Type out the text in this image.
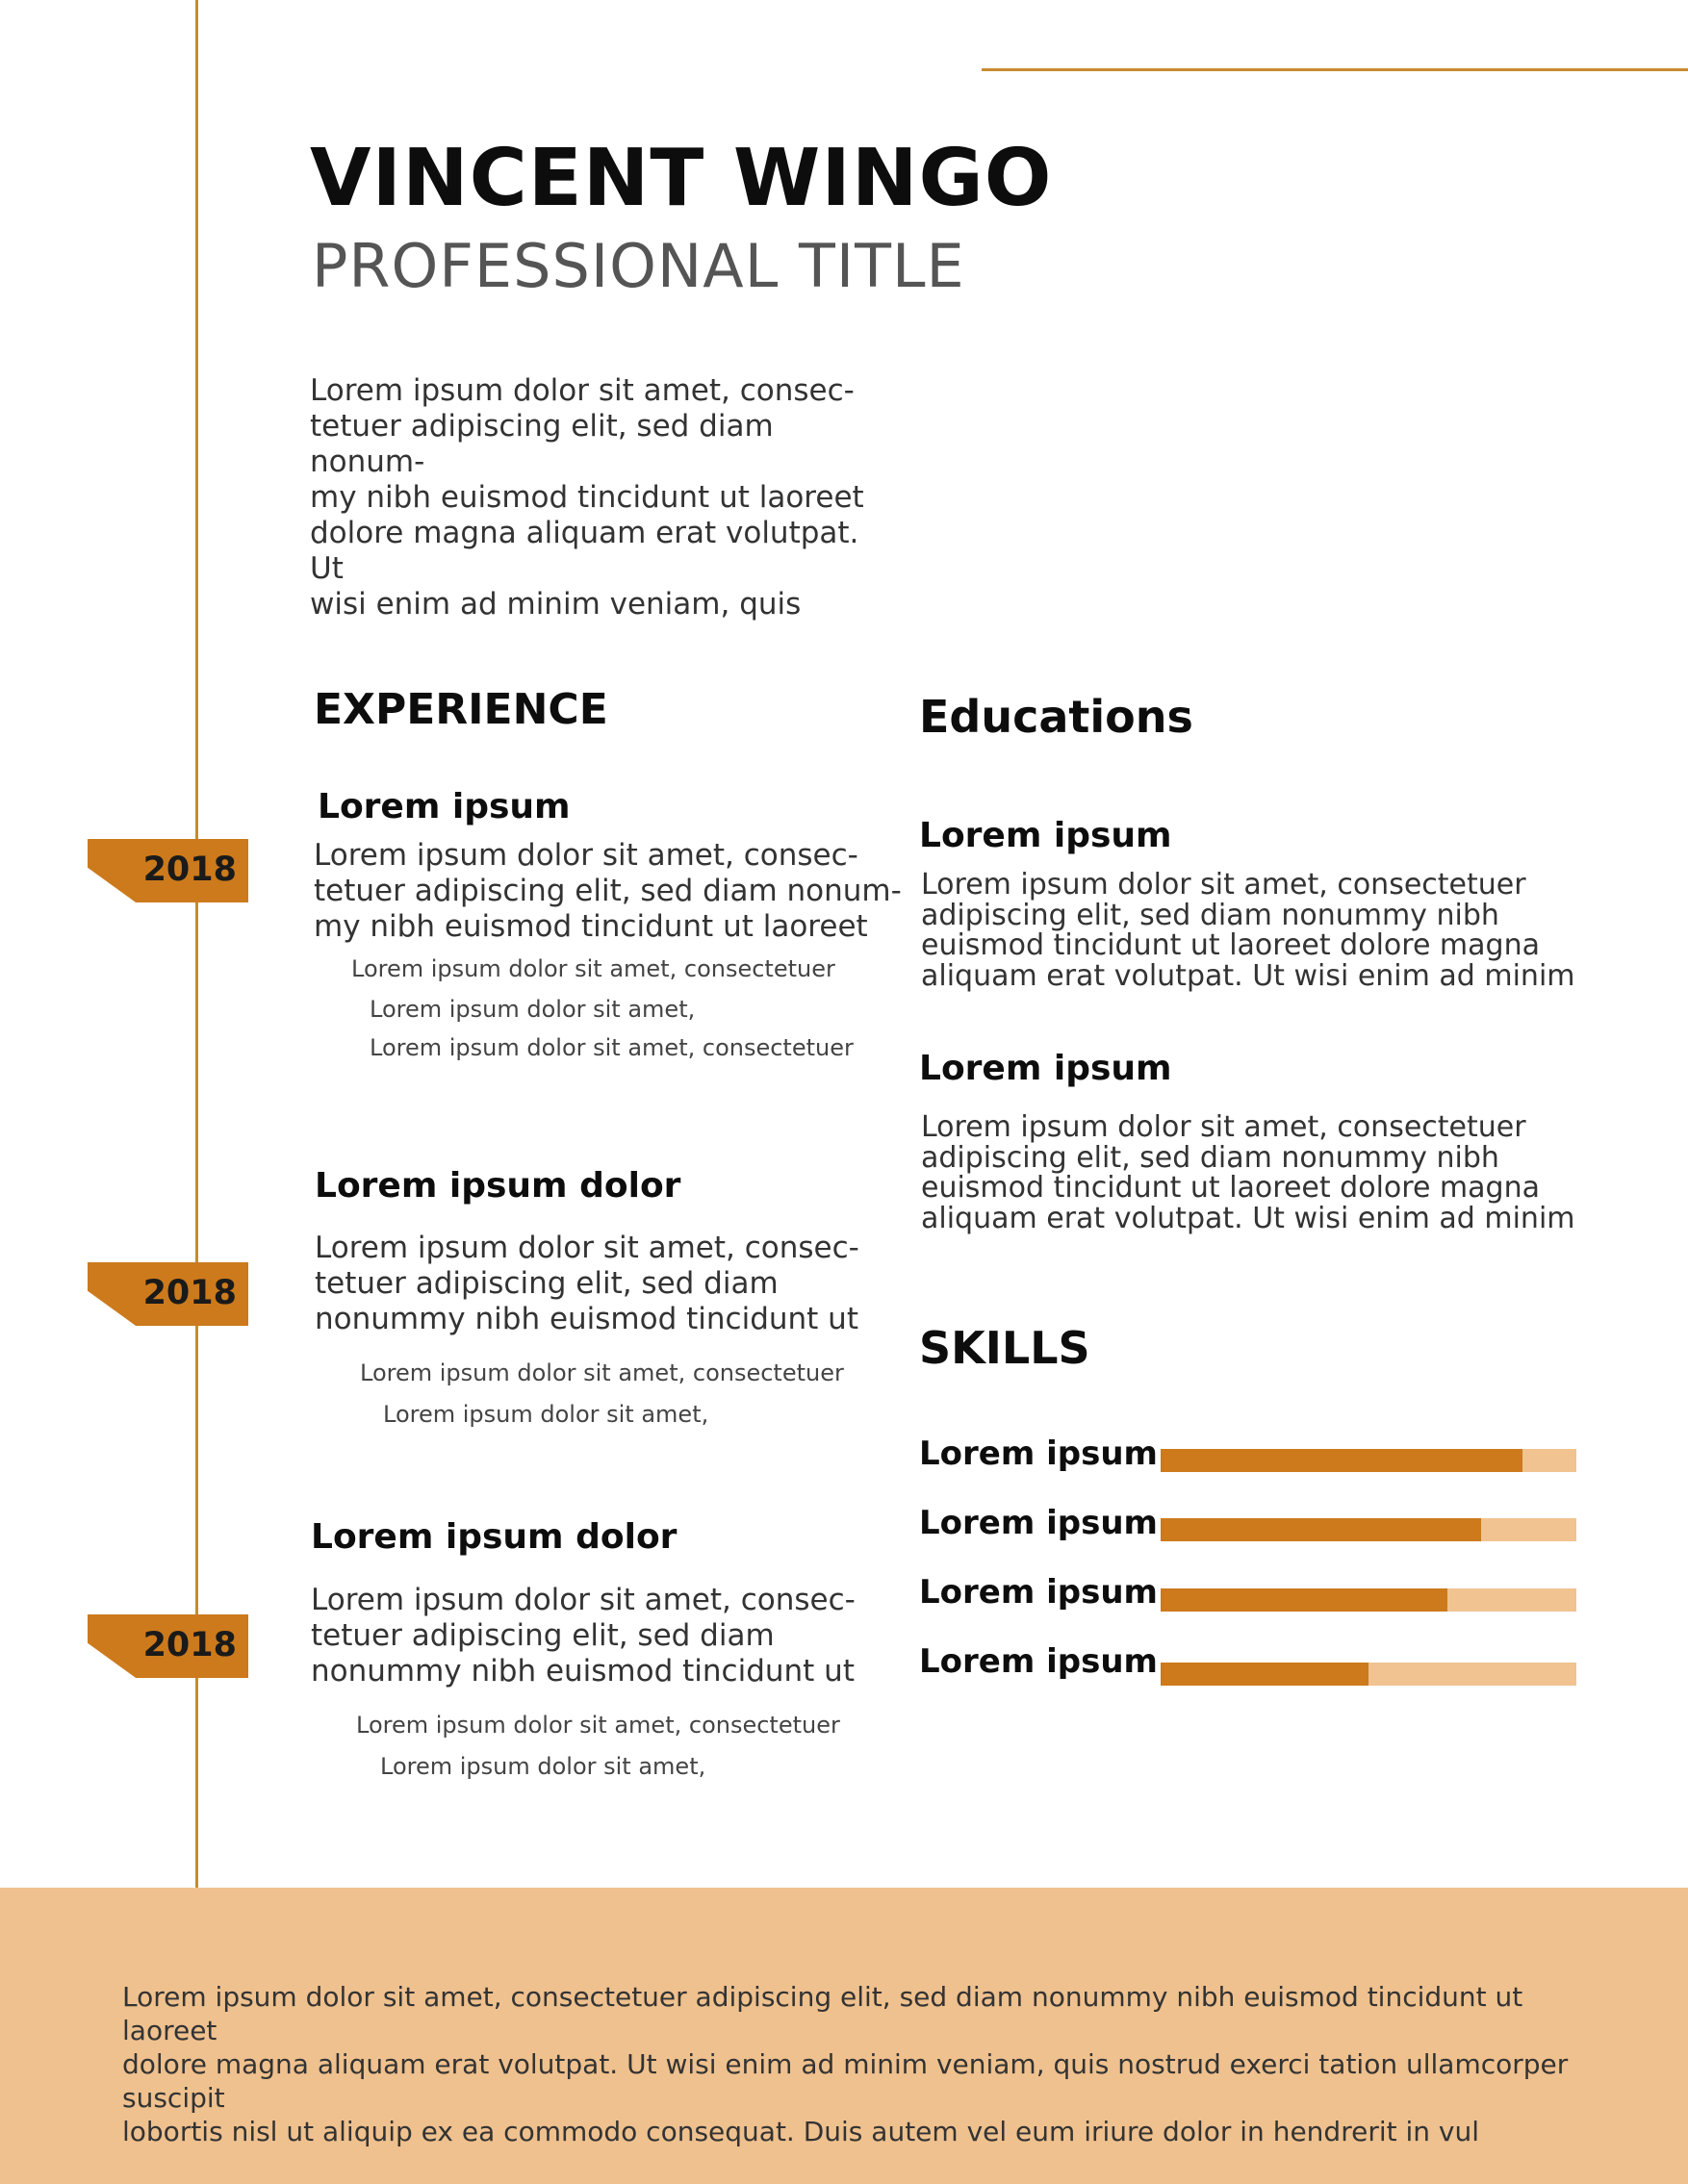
VINCENT WINGO
PROFESSIONAL TITLE

Lorem ipsum dolor sit amet, consec-
tetuer adipiscing elit, sed diam nonum-
my nibh euismod tincidunt ut laoreet
dolore magna aliquam erat volutpat. Ut
wisi enim ad minim veniam, quis

EXPERIENCE
2018
Lorem ipsum

Lorem ipsum dolor sit amet, consec-
tetuer adipiscing elit, sed diam nonum-
my nibh euismod tincidunt ut laoreet

Lorem ipsum dolor sit amet, consectetuer
Lorem ipsum dolor sit amet,
Lorem ipsum dolor sit amet, consectetuer
2018
Lorem ipsum dolor

Lorem ipsum dolor sit amet, consec-
tetuer adipiscing elit, sed diam
nonummy nibh euismod tincidunt ut

Lorem ipsum dolor sit amet, consectetuer
Lorem ipsum dolor sit amet,
2018
Lorem ipsum dolor

Lorem ipsum dolor sit amet, consec-
tetuer adipiscing elit, sed diam
nonummy nibh euismod tincidunt ut

Lorem ipsum dolor sit amet, consectetuer
Lorem ipsum dolor sit amet,
Educations
Lorem ipsum

Lorem ipsum dolor sit amet, consectetuer
adipiscing elit, sed diam nonummy nibh
euismod tincidunt ut laoreet dolore magna
aliquam erat volutpat. Ut wisi enim ad minim

Lorem ipsum

Lorem ipsum dolor sit amet, consectetuer
adipiscing elit, sed diam nonummy nibh
euismod tincidunt ut laoreet dolore magna
aliquam erat volutpat. Ut wisi enim ad minim

SKILLS
Lorem ipsum
Lorem ipsum
Lorem ipsum
Lorem ipsum

Lorem ipsum dolor sit amet, consectetuer adipiscing elit, sed diam nonummy nibh euismod tincidunt ut laoreet
dolore magna aliquam erat volutpat. Ut wisi enim ad minim veniam, quis nostrud exerci tation ullamcorper suscipit
lobortis nisl ut aliquip ex ea commodo consequat. Duis autem vel eum iriure dolor in hendrerit in vul
